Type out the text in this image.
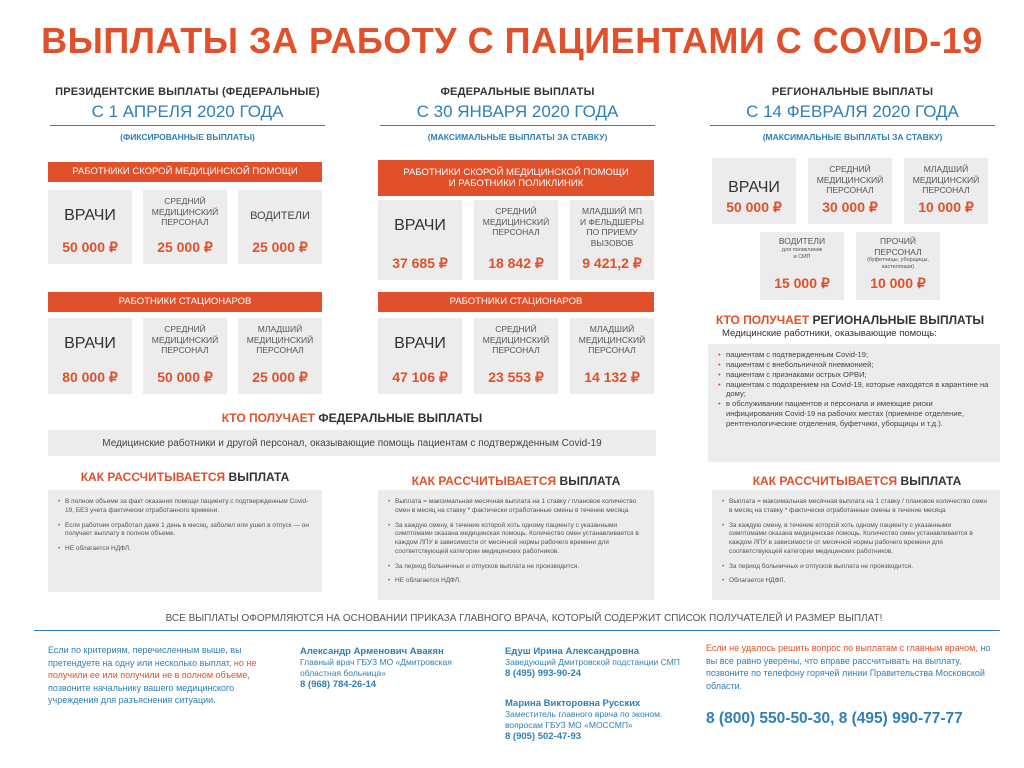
ВЫПЛАТЫ ЗА РАБОТУ С ПАЦИЕНТАМИ С COVID-19
ПРЕЗИДЕНТСКИЕ ВЫПЛАТЫ (ФЕДЕРАЛЬНЫЕ)
С 1 АПРЕЛЯ 2020 ГОДА
(ФИКСИРОВАННЫЕ ВЫПЛАТЫ)
ФЕДЕРАЛЬНЫЕ ВЫПЛАТЫ
С 30 ЯНВАРЯ 2020 ГОДА
(МАКСИМАЛЬНЫЕ ВЫПЛАТЫ ЗА СТАВКУ)
РЕГИОНАЛЬНЫЕ ВЫПЛАТЫ
С 14 ФЕВРАЛЯ 2020 ГОДА
(МАКСИМАЛЬНЫЕ ВЫПЛАТЫ ЗА СТАВКУ)
РАБОТНИКИ СКОРОЙ МЕДИЦИНСКОЙ ПОМОЩИ
ВРАЧИ
50 000 ₽
СРЕДНИЙ
МЕДИЦИНСКИЙ
ПЕРСОНАЛ
25 000 ₽
ВОДИТЕЛИ
25 000 ₽
РАБОТНИКИ СТАЦИОНАРОВ
ВРАЧИ
80 000 ₽
СРЕДНИЙ
МЕДИЦИНСКИЙ
ПЕРСОНАЛ
50 000 ₽
МЛАДШИЙ
МЕДИЦИНСКИЙ
ПЕРСОНАЛ
25 000 ₽
РАБОТНИКИ СКОРОЙ МЕДИЦИНСКОЙ ПОМОЩИ
И РАБОТНИКИ ПОЛИКЛИНИК
ВРАЧИ
37 685 ₽
СРЕДНИЙ
МЕДИЦИНСКИЙ
ПЕРСОНАЛ
18 842 ₽
МЛАДШИЙ МП
И ФЕЛЬДШЕРЫ
ПО ПРИЕМУ
ВЫЗОВОВ
9 421,2 ₽
РАБОТНИКИ СТАЦИОНАРОВ
ВРАЧИ
47 106 ₽
СРЕДНИЙ
МЕДИЦИНСКИЙ
ПЕРСОНАЛ
23 553 ₽
МЛАДШИЙ
МЕДИЦИНСКИЙ
ПЕРСОНАЛ
14 132 ₽
ВРАЧИ
50 000 ₽
СРЕДНИЙ
МЕДИЦИНСКИЙ
ПЕРСОНАЛ
30 000 ₽
МЛАДШИЙ
МЕДИЦИНСКИЙ
ПЕРСОНАЛ
10 000 ₽
ВОДИТЕЛИ
для поликлиник
и СМП
15 000 ₽
ПРОЧИЙ
ПЕРСОНАЛ
(буфетчицы, уборщицы,
кастелянши)
10 000 ₽
КТО ПОЛУЧАЕТ РЕГИОНАЛЬНЫЕ ВЫПЛАТЫ
Медицинские работники, оказывающие помощь:
• пациентам с подтвержденным Covid-19;
• пациентам с внебольничной пневмонией;
• пациентам с признаками острых ОРВИ;
• пациентам с подозрением на Covid-19, которые находятся в карантине на дому;
• в обслуживании пациентов и персонала и имеющие риски инфицирования Covid-19 на рабочих местах (приемное отделение, рентгенологические отделения, буфетчики, уборщицы и т.д.).
КТО ПОЛУЧАЕТ ФЕДЕРАЛЬНЫЕ ВЫПЛАТЫ
Медицинские работники и другой персонал, оказывающие помощь пациентам с подтвержденным Covid-19
КАК РАССЧИТЫВАЕТСЯ ВЫПЛАТА	КАК РАССЧИТЫВАЕТСЯ ВЫПЛАТА	КАК РАССЧИТЫВАЕТСЯ ВЫПЛАТА
• В полном объеме за факт оказания помощи пациенту с подтвержденным Covid-19, БЕЗ учета фактически отработанного времени.
• Если работник отработал даже 1 день в месяц, заболел или ушел в отпуск — он получает выплату в полном объеме.
• НЕ облагается НДФЛ.
• Выплата = максимальная месячная выплата на 1 ставку / плановое количество смен в месяц на ставку * фактически отработанные смены в течение месяца
• За каждую смену, в течение которой хоть одному пациенту с указанными симптомами оказана медицинская помощь. Количество смен устанавливается в каждом ЛПУ в зависимости от месячной нормы рабочего времени для соответствующей категории медицинских работников.
• За период больничных и отпусков выплата не производится.
• НЕ облагается НДФЛ.
• Выплата = максимальная месячная выплата на 1 ставку / плановое количество смен в месяц на ставку * фактически отработанные смены в течение месяца
• За каждую смену, в течение которой хоть одному пациенту с указанными симптомами оказана медицинская помощь. Количество смен устанавливается в каждом ЛПУ в зависимости от месячной нормы рабочего времени для соответствующей категории медицинских работников.
• За период больничных и отпусков выплата не производится.
• Облагается НДФЛ.
ВСЕ ВЫПЛАТЫ ОФОРМЛЯЮТСЯ НА ОСНОВАНИИ ПРИКАЗА ГЛАВНОГО ВРАЧА, КОТОРЫЙ СОДЕРЖИТ СПИСОК ПОЛУЧАТЕЛЕЙ И РАЗМЕР ВЫПЛАТ!
Если по критериям, перечисленным выше, вы претендуете на одну или несколько выплат, но не получили ее или получили не в полном объеме, позвоните начальнику вашего медицинского учреждения для разъяснения ситуации.
Александр Арменович Авакян
Главный врач ГБУЗ МО «Дмитровская областная больница»
8 (968) 784-26-14
Едуш Ирина Александровна
Заведующий Дмитровской подстанции СМП
8 (495) 993-90-24
Марина Викторовна Русских
Заместитель главного врача по эконом. вопросам ГБУЗ МО «МОССМП»
8 (905) 502-47-93
Если не удалось решить вопрос по выплатам с главным врачом, но вы все равно уверены, что вправе рассчитывать на выплату, позвоните по телефону горячей линии Правительства Московской области.
8 (800) 550-50-30, 8 (495) 990-77-77
